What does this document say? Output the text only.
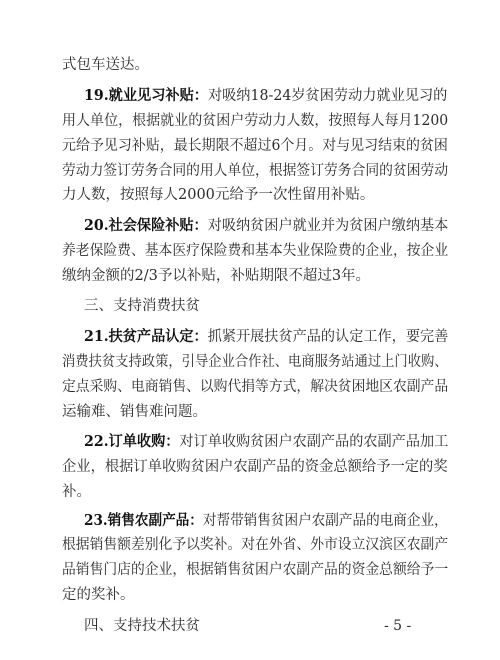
式包车送达。
19.就业见习补贴：对吸纳18-24岁贫困劳动力就业见习的
用人单位，根据就业的贫困户劳动力人数，按照每人每月1200
元给予见习补贴，最长期限不超过6个月。对与见习结束的贫困
劳动力签订劳务合同的用人单位，根据签订劳务合同的贫困劳动
力人数，按照每人2000元给予一次性留用补贴。
20.社会保险补贴：对吸纳贫困户就业并为贫困户缴纳基本
养老保险费、基本医疗保险费和基本失业保险费的企业，按企业
缴纳金额的2/3予以补贴，补贴期限不超过3年。
三、支持消费扶贫
21.扶贫产品认定：抓紧开展扶贫产品的认定工作，要完善
消费扶贫支持政策，引导企业合作社、电商服务站通过上门收购、
定点采购、电商销售、以购代捐等方式，解决贫困地区农副产品
运输难、销售难问题。
22.订单收购：对订单收购贫困户农副产品的农副产品加工
企业，根据订单收购贫困户农副产品的资金总额给予一定的奖
补。
23.销售农副产品：对帮带销售贫困户农副产品的电商企业，
根据销售额差别化予以奖补。对在外省、外市设立汉滨区农副产
品销售门店的企业，根据销售贫困户农副产品的资金总额给予一
定的奖补。
四、支持技术扶贫	- 5 -
